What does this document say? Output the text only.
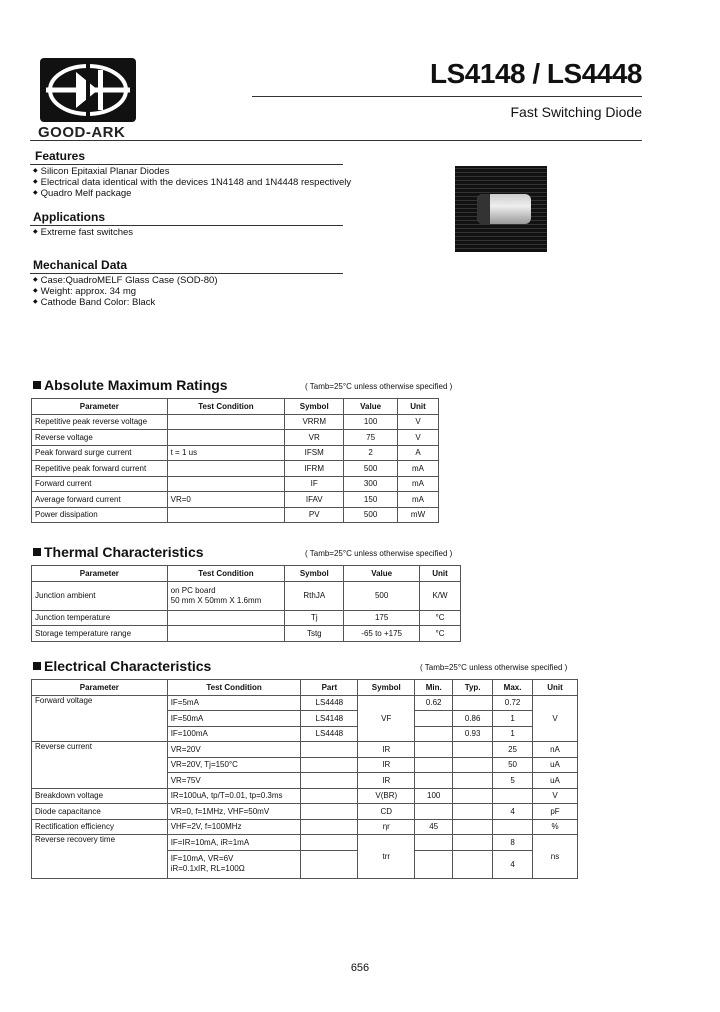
GOOD-ARK
LS4148 / LS4448
Fast Switching Diode
Features
◆ Silicon Epitaxial Planar Diodes
◆ Electrical data identical with the devices 1N4148 and 1N4448 respectively
◆ Quadro Melf package
Applications
◆ Extreme fast switches
Mechanical Data
◆ Case:QuadroMELF Glass Case (SOD-80)
◆ Weight: approx. 34 mg
◆ Cathode Band Color: Black
Absolute Maximum Ratings	( Tamb=25°C unless otherwise specified )
Parameter	Test Condition	Symbol	Value	Unit
Repetitive peak reverse voltage		VRRM	100	V
Reverse voltage		VR	75	V
Peak forward surge current	t = 1 us	IFSM	2	A
Repetitive peak forward current		IFRM	500	mA
Forward current		IF	300	mA
Average forward current	VR=0	IFAV	150	mA
Power dissipation		PV	500	mW
Thermal Characteristics	( Tamb=25°C unless otherwise specified )
Parameter	Test Condition	Symbol	Value	Unit
Junction ambient	on PC board
50 mm X 50mm X 1.6mm	RthJA	500	K/W
Junction temperature		Tj	175	°C
Storage temperature range		Tstg	-65 to +175	°C
Electrical Characteristics	( Tamb=25°C unless otherwise specified )
Parameter	Test Condition	Part	Symbol	Min.	Typ.	Max.	Unit
Forward voltage	IF=5mA	LS4448	VF	0.62		0.72	V
	IF=50mA	LS4148			0.86	1	
	IF=100mA	LS4448			0.93	1	
Reverse current	VR=20V		IR			25	nA
	VR=20V, Tj=150°C		IR			50	uA
	VR=75V		IR			5	uA
Breakdown voltage	IR=100uA, tp/T=0.01, tp=0.3ms		V(BR)	100			V
Diode capacitance	VR=0, f=1MHz, VHF=50mV		CD			4	pF
Rectification efficiency	VHF=2V, f=100MHz		ηr	45			%
Reverse recovery time	IF=IR=10mA, iR=1mA		trr			8	ns
	IF=10mA, VR=6V
iR=0.1xIR, RL=100Ω					4	
656
